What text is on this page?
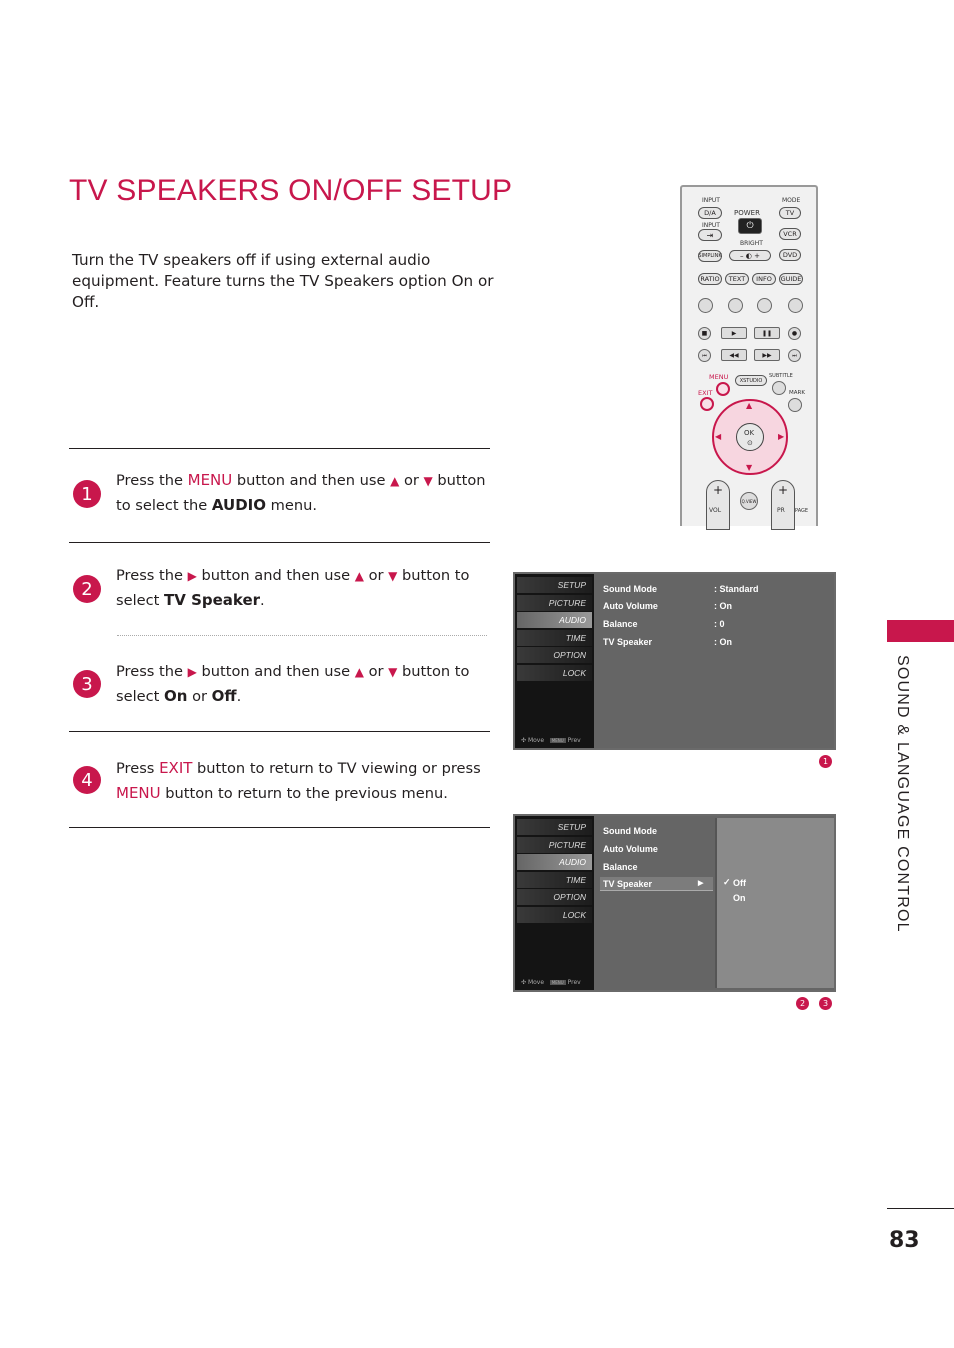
TV SPEAKERS ON/OFF SETUP
Turn the TV speakers off if using external audio equipment. Feature turns the TV Speakers option On or Off.
1
Press the MENU button and then use ▲ or ▼ button to select the AUDIO menu.
2
Press the ▶ button and then use ▲ or ▼ button to select TV Speaker.
3
Press the ▶ button and then use ▲ or ▼ button to select On or Off.
4
Press EXIT button to return to TV viewing or press MENU button to return to the previous menu.	SOUND & LANGUAGE CONTROL
83
INPUT	MODE
D/A	POWER
⏻
TV
INPUT
⇥	VCR
BRIGHT
SIMPLINK	– ◐ +	DVD
RATIO	TEXT	INFO	GUIDE
■	▶	❚❚	●
⏮	◀◀	▶▶	⏭
MENU	SUBTITLE
EXIT
XSTUDIO
MARK
▲
▼
◀	▶
OK
⊙
+
VOL
Q.VIEW
+
PR PAGE
SETUP
PICTURE
AUDIO
TIME
OPTION
LOCK
✣ Move MENU Prev
Sound Mode	: Standard
Auto Volume	: On
Balance	: 0
TV Speaker	: On
1
SETUP
PICTURE
AUDIO
TIME
OPTION
LOCK
✣ Move MENU Prev
Sound Mode
Auto Volume
Balance
TV Speaker	▶ ✓ Off
On
2	3
